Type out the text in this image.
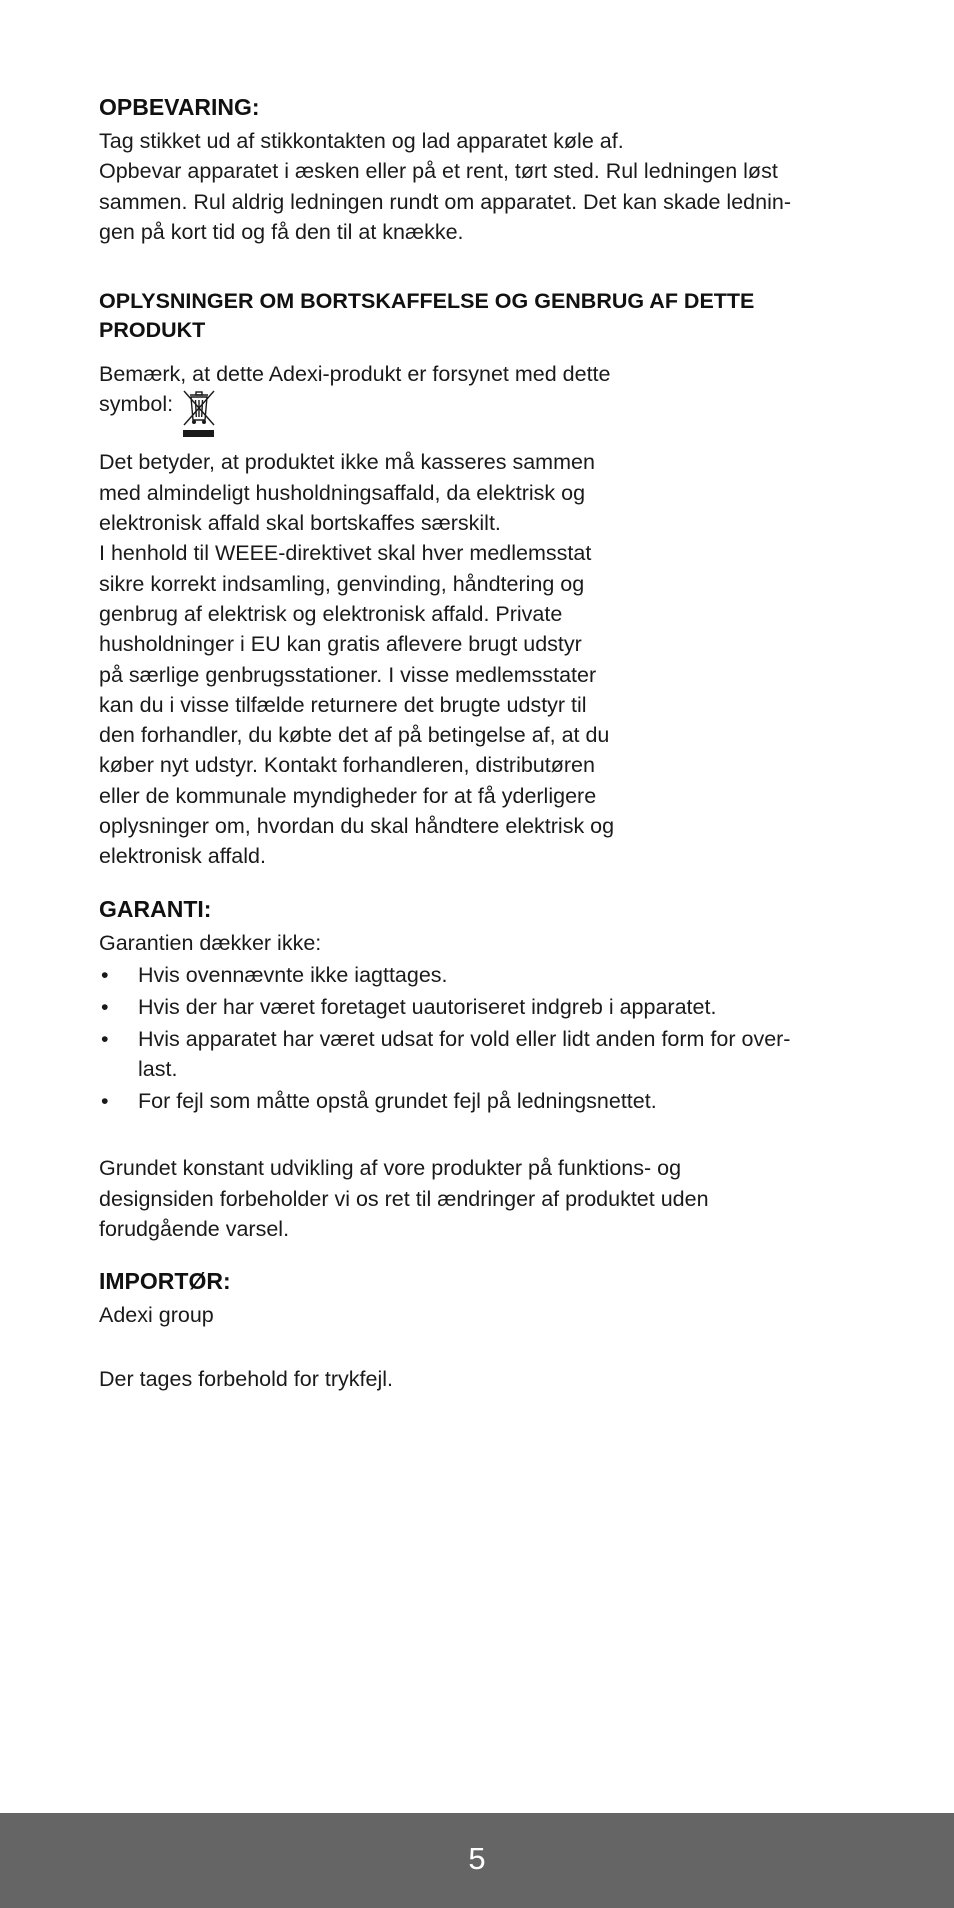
OPBEVARING:
Tag stikket ud af stikkontakten og lad apparatet køle af.
Opbevar apparatet i æsken eller på et rent, tørt sted. Rul ledningen løst
sammen. Rul aldrig ledningen rundt om apparatet. Det kan skade lednin-
gen på kort tid og få den til at knække.
OPLYSNINGER OM BORTSKAFFELSE OG GENBRUG AF DETTE
PRODUKT
Bemærk, at dette Adexi-produkt er forsynet med dette
symbol:
Det betyder, at produktet ikke må kasseres sammen
med almindeligt husholdningsaffald, da elektrisk og
elektronisk affald skal bortskaffes særskilt.
I henhold til WEEE-direktivet skal hver medlemsstat
sikre korrekt indsamling, genvinding, håndtering og
genbrug af elektrisk og elektronisk affald. Private
husholdninger i EU kan gratis aflevere brugt udstyr
på særlige genbrugsstationer. I visse medlemsstater
kan du i visse tilfælde returnere det brugte udstyr til
den forhandler, du købte det af på betingelse af, at du
køber nyt udstyr. Kontakt forhandleren, distributøren
eller de kommunale myndigheder for at få yderligere
oplysninger om, hvordan du skal håndtere elektrisk og
elektronisk affald.
GARANTI:
Garantien dækker ikke:
• Hvis ovennævnte ikke iagttages.
• Hvis der har været foretaget uautoriseret indgreb i apparatet.
• Hvis apparatet har været udsat for vold eller lidt anden form for over-
last.
• For fejl som måtte opstå grundet fejl på ledningsnettet.
Grundet konstant udvikling af vore produkter på funktions- og
designsiden forbeholder vi os ret til ændringer af produktet uden
forudgående varsel.
IMPORTØR:
Adexi group
Der tages forbehold for trykfejl.
5
